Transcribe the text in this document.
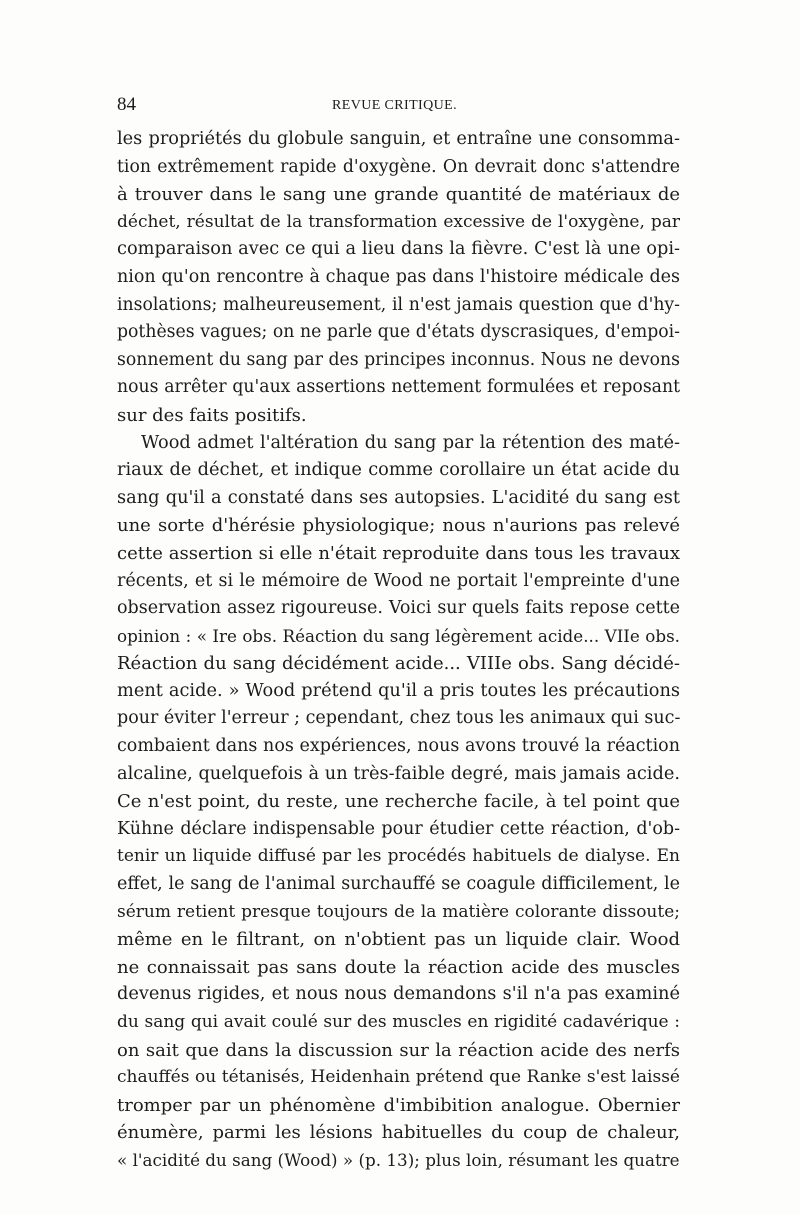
84	REVUE CRITIQUE.
les propriétés du globule sanguin, et entraîne une consomma-
tion extrêmement rapide d'oxygène. On devrait donc s'attendre
à trouver dans le sang une grande quantité de matériaux de
déchet, résultat de la transformation excessive de l'oxygène, par
comparaison avec ce qui a lieu dans la fièvre. C'est là une opi-
nion qu'on rencontre à chaque pas dans l'histoire médicale des
insolations; malheureusement, il n'est jamais question que d'hy-
pothèses vagues; on ne parle que d'états dyscrasiques, d'empoi-
sonnement du sang par des principes inconnus. Nous ne devons
nous arrêter qu'aux assertions nettement formulées et reposant
sur des faits positifs.
Wood admet l'altération du sang par la rétention des maté-
riaux de déchet, et indique comme corollaire un état acide du
sang qu'il a constaté dans ses autopsies. L'acidité du sang est
une sorte d'hérésie physiologique; nous n'aurions pas relevé
cette assertion si elle n'était reproduite dans tous les travaux
récents, et si le mémoire de Wood ne portait l'empreinte d'une
observation assez rigoureuse. Voici sur quels faits repose cette
opinion : « Ire obs. Réaction du sang légèrement acide... VIIe obs.
Réaction du sang décidément acide... VIIIe obs. Sang décidé-
ment acide. » Wood prétend qu'il a pris toutes les précautions
pour éviter l'erreur ; cependant, chez tous les animaux qui suc-
combaient dans nos expériences, nous avons trouvé la réaction
alcaline, quelquefois à un très-faible degré, mais jamais acide.
Ce n'est point, du reste, une recherche facile, à tel point que
Kühne déclare indispensable pour étudier cette réaction, d'ob-
tenir un liquide diffusé par les procédés habituels de dialyse. En
effet, le sang de l'animal surchauffé se coagule difficilement, le
sérum retient presque toujours de la matière colorante dissoute;
même en le filtrant, on n'obtient pas un liquide clair. Wood
ne connaissait pas sans doute la réaction acide des muscles
devenus rigides, et nous nous demandons s'il n'a pas examiné
du sang qui avait coulé sur des muscles en rigidité cadavérique :
on sait que dans la discussion sur la réaction acide des nerfs
chauffés ou tétanisés, Heidenhain prétend que Ranke s'est laissé
tromper par un phénomène d'imbibition analogue. Obernier
énumère, parmi les lésions habituelles du coup de chaleur,
« l'acidité du sang (Wood) » (p. 13); plus loin, résumant les quatre
